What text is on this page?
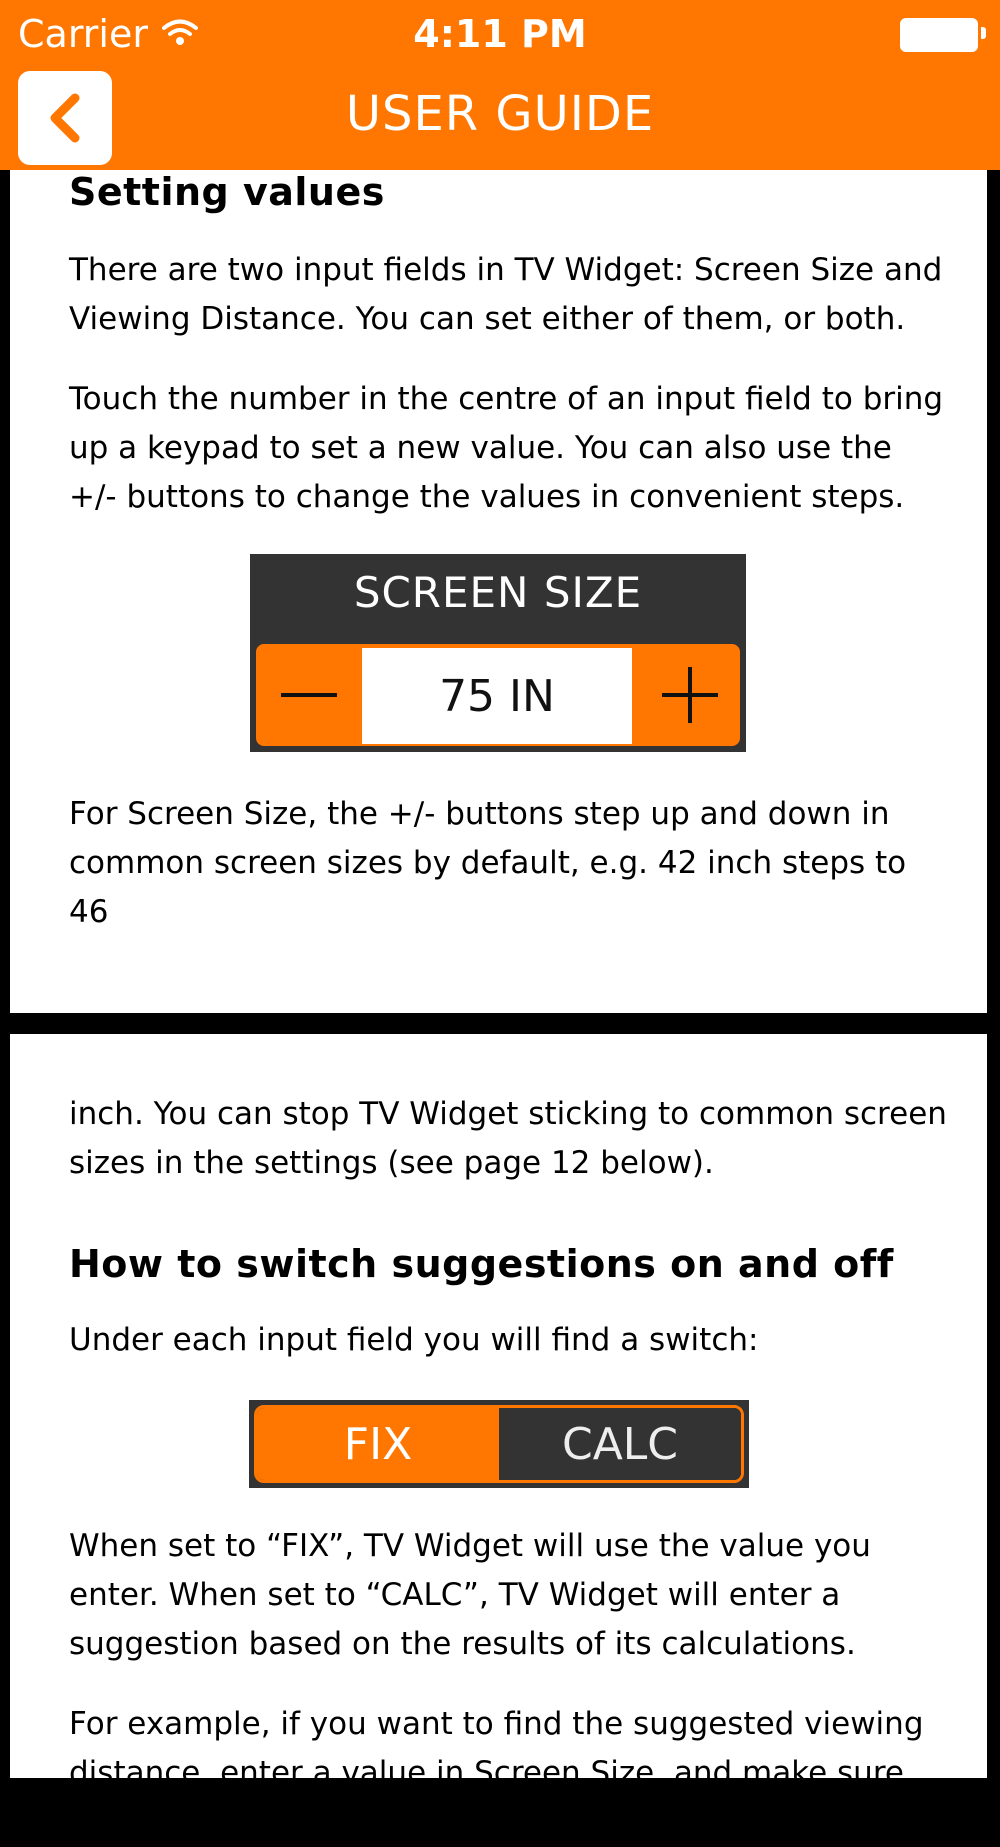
Carrier	4:11 PM
USER GUIDE
Setting values

There are two input fields in TV Widget: Screen Size and Viewing Distance. You can set either of them, or both.

Touch the number in the centre of an input field to bring up a keypad to set a new value. You can also use the +/- buttons to change the values in convenient steps.

SCREEN SIZE
75 IN

For Screen Size, the +/- buttons step up and down in common screen sizes by default, e.g. 42 inch steps to 46

inch. You can stop TV Widget sticking to common screen sizes in the settings (see page 12 below).

How to switch suggestions on and off

Under each input field you will find a switch:

FIX	CALC

When set to “FIX”, TV Widget will use the value you enter. When set to “CALC”, TV Widget will enter a suggestion based on the results of its calculations.

For example, if you want to find the suggested viewing distance, enter a value in Screen Size, and make sure the
